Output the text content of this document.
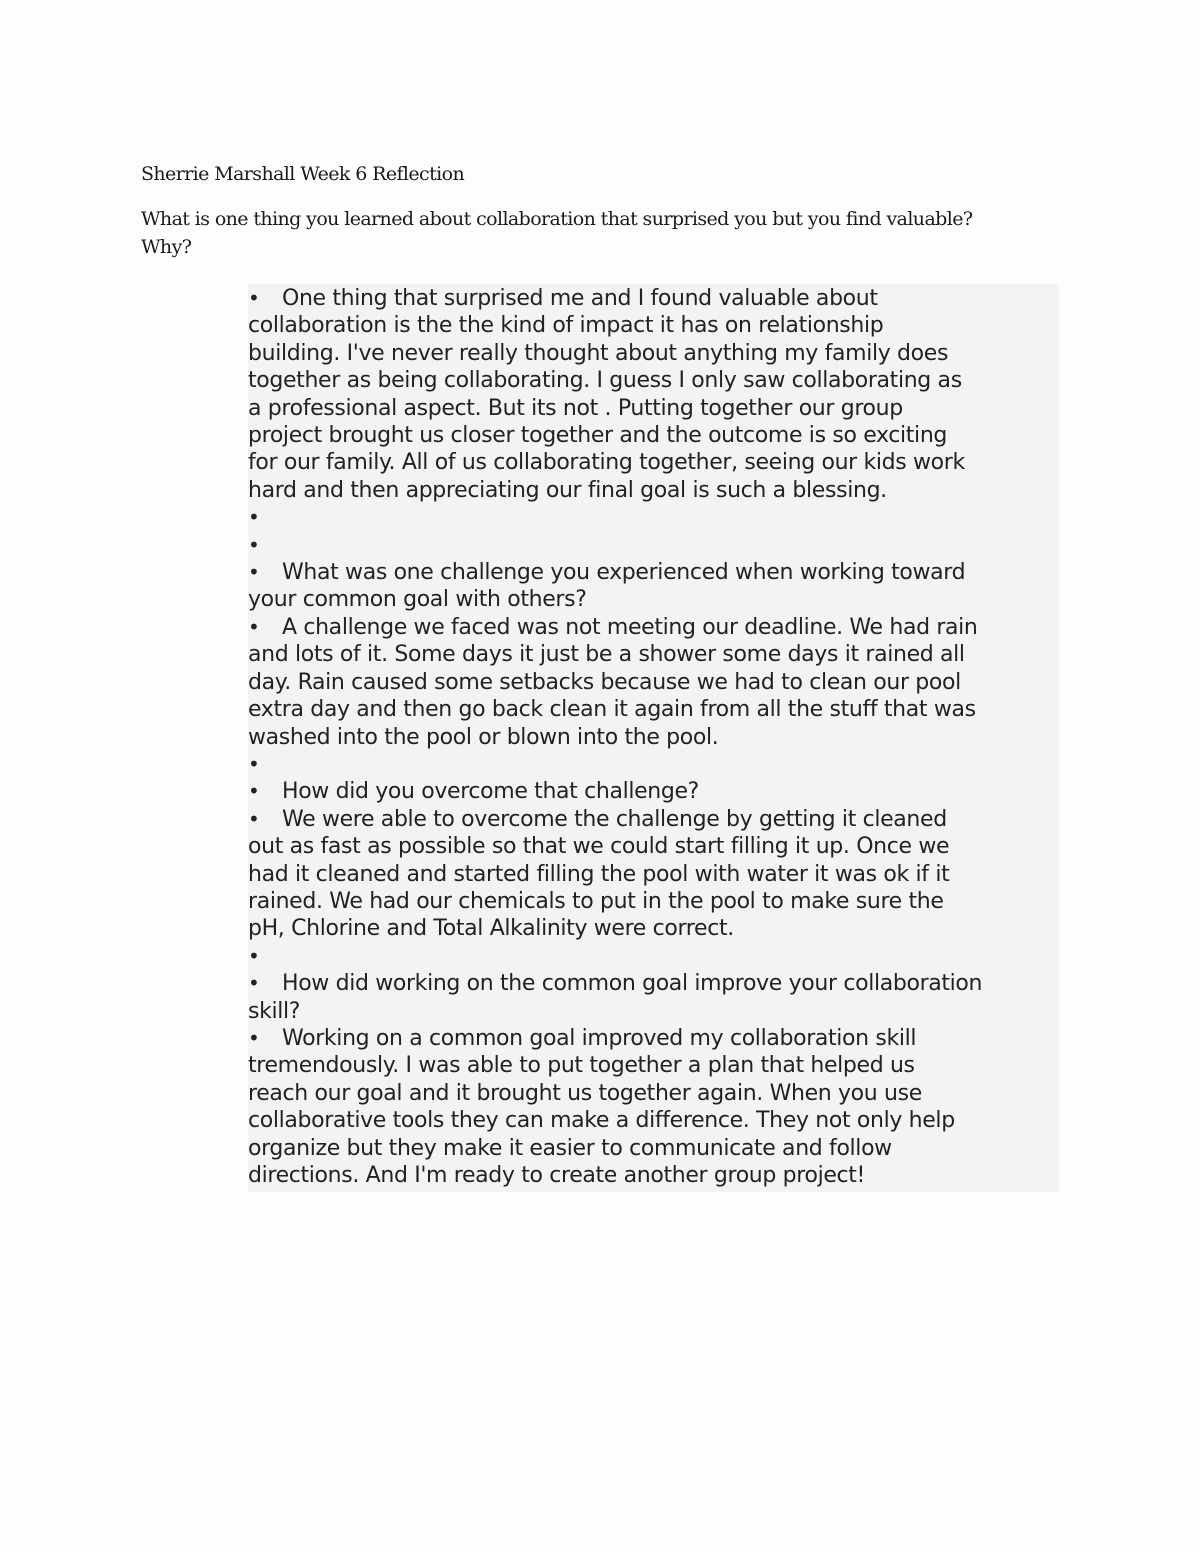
Sherrie Marshall Week 6 Reflection
What is one thing you learned about collaboration that surprised you but you find valuable?
Why?
• One thing that surprised me and I found valuable about
collaboration is the the kind of impact it has on relationship
building. I've never really thought about anything my family does
together as being collaborating. I guess I only saw collaborating as
a professional aspect. But its not . Putting together our group
project brought us closer together and the outcome is so exciting
for our family. All of us collaborating together, seeing our kids work
hard and then appreciating our final goal is such a blessing.
•
•
• What was one challenge you experienced when working toward
your common goal with others?
• A challenge we faced was not meeting our deadline. We had rain
and lots of it. Some days it just be a shower some days it rained all
day. Rain caused some setbacks because we had to clean our pool
extra day and then go back clean it again from all the stuff that was
washed into the pool or blown into the pool.
•
• How did you overcome that challenge?
• We were able to overcome the challenge by getting it cleaned
out as fast as possible so that we could start filling it up. Once we
had it cleaned and started filling the pool with water it was ok if it
rained. We had our chemicals to put in the pool to make sure the
pH, Chlorine and Total Alkalinity were correct.
•
• How did working on the common goal improve your collaboration
skill?
• Working on a common goal improved my collaboration skill
tremendously. I was able to put together a plan that helped us
reach our goal and it brought us together again. When you use
collaborative tools they can make a difference. They not only help
organize but they make it easier to communicate and follow
directions. And I'm ready to create another group project!
